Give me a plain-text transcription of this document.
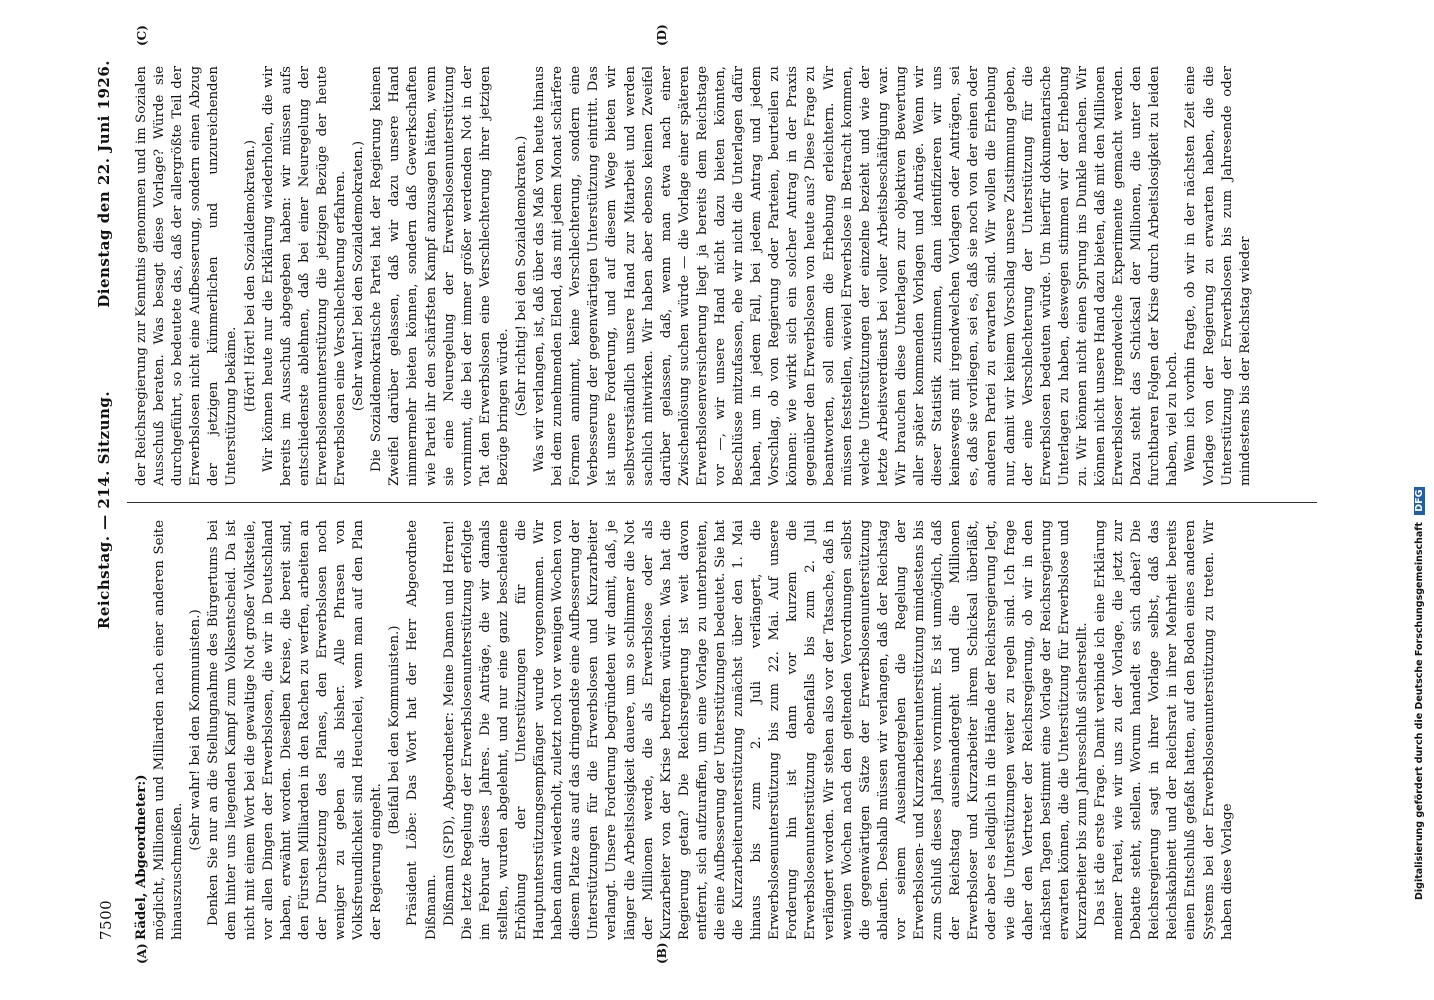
7500
Reichstag. — 214. Sitzung.
Dienstag den 22. Juni 1926.
(A)	(B)
(C)	(D)

Rädel, Abgeordneter:) möglicht, Millionen und Milliarden nach einer anderen Seite hinauszuschmeißen.

(Sehr wahr! bei den Kommunisten.) Denken Sie nur an die Stellungnahme des Bürgertums bei dem hinter uns liegenden Kampf zum Volksentscheid. Da ist nicht mit einem Wort bei die gewaltige Not großer Volksteile, vor allen Dingen der Erwerbslosen, die wir in Deutschland haben, erwähnt worden. Dieselben Kreise, die bereit sind, den Fürsten Milliarden in den Rachen zu werfen, arbeiten an der Durchsetzung des Planes, den Erwerbslosen noch weniger zu geben als bisher. Alle Phrasen von Volksfreundlichkeit sind Heuchelei, wenn man auf den Plan der Regierung eingeht.

(Beifall bei den Kommunisten.) Präsident Löbe: Das Wort hat der Herr Abgeordnete Dißmann. Dißmann (SPD), Abgeordneter: Meine Damen und Herren! Die letzte Regelung der Erwerbslosenunterstützung erfolgte im Februar dieses Jahres. Die Anträge, die wir damals stellten, wurden abgelehnt, und nur eine ganz bescheidene Erhöhung der Unterstützungen für die Hauptunterstützungsempfänger wurde vorgenommen. Wir haben dann wiederholt, zuletzt noch vor wenigen Wochen von diesem Platze aus auf das dringendste eine Aufbesserung der Unterstützungen für die Erwerbslosen und Kurzarbeiter verlangt. Unsere Forderung begründeten wir damit, daß, je länger die Arbeitslosigkeit dauere, um so schlimmer die Not der Millionen werde, die als Erwerbslose oder als Kurzarbeiter von der Krise betroffen würden. Was hat die Regierung getan? Die Reichsregierung ist weit davon entfernt, sich aufzuraffen, um eine Vorlage zu unterbreiten, die eine Aufbesserung der Unterstützungen bedeutet. Sie hat die Kurzarbeiterunterstützung zunächst über den 1. Mai hinaus bis zum 2. Juli verlängert, die Erwerbslosenunterstützung bis zum 22. Mai. Auf unsere Forderung hin ist dann vor kurzem die Erwerbslosenunterstützung ebenfalls bis zum 2. Juli verlängert worden. Wir stehen also vor der Tatsache, daß in wenigen Wochen nach den geltenden Verordnungen selbst die gegenwärtigen Sätze der Erwerbslosenunterstützung ablaufen. Deshalb müssen wir verlangen, daß der Reichstag vor seinem Auseinandergehen die Regelung der Erwerbslosen- und Kurzarbeiterunterstützung mindestens bis zum Schluß dieses Jahres vornimmt. Es ist unmöglich, daß der Reichstag auseinandergeht und die Millionen Erwerbsloser und Kurzarbeiter ihrem Schicksal überläßt, oder aber es lediglich in die Hände der Reichsregierung legt, wie die Unterstützungen weiter zu regeln sind. Ich frage daher den Vertreter der Reichsregierung, ob wir in den nächsten Tagen bestimmt eine Vorlage der Reichsregierung erwarten können, die die Unterstützung für Erwerbslose und Kurzarbeiter bis zum Jahresschluß sicherstellt. Das ist die erste Frage. Damit verbinde ich eine Erklärung meiner Partei, wie wir uns zu der Vorlage, die jetzt zur Debatte steht, stellen. Worum handelt es sich dabei? Die Reichsregierung sagt in ihrer Vorlage selbst, daß das Reichskabinett und der Reichsrat in ihrer Mehrheit bereits einen Entschluß gefaßt hatten, auf den Boden eines anderen Systems bei der Erwerbslosenunterstützung zu treten. Wir haben diese Vorlage

der Reichsregierung zur Kenntnis genommen und im Sozialen Ausschuß beraten. Was besagt diese Vorlage? Würde sie durchgeführt, so bedeutete das, daß der allergrößte Teil der Erwerbslosen nicht eine Aufbesserung, sondern einen Abzug der jetzigen kümmerlichen und unzureichenden Unterstützung bekäme. (Hört! Hört! bei den Sozialdemokraten.) Wir können heute nur die Erklärung wiederholen, die wir bereits im Ausschuß abgegeben haben: wir müssen aufs entschiedenste ablehnen, daß bei einer Neuregelung der Erwerbslosenunterstützung die jetzigen Bezüge der heute Erwerbslosen eine Verschlechterung erfahren. (Sehr wahr! bei den Sozialdemokraten.) Die Sozialdemokratische Partei hat der Regierung keinen Zweifel darüber gelassen, daß wir dazu unsere Hand nimmermehr bieten können, sondern daß Gewerkschaften wie Partei ihr den schärfsten Kampf anzusagen hätten, wenn sie eine Neuregelung der Erwerbslosenunterstützung vornimmt, die bei der immer größer werdenden Not in der Tat den Erwerbslosen eine Verschlechterung ihrer jetzigen Bezüge bringen würde. (Sehr richtig! bei den Sozialdemokraten.) Was wir verlangen, ist, daß über das Maß von heute hinaus bei dem zunehmenden Elend, das mit jedem Monat schärfere Formen annimmt, keine Verschlechterung, sondern eine Verbesserung der gegenwärtigen Unterstützung eintritt. Das ist unsere Forderung, und auf diesem Wege bieten wir selbstverständlich unsere Hand zur Mitarbeit und werden sachlich mitwirken. Wir haben aber ebenso keinen Zweifel darüber gelassen, daß, wenn man etwa nach einer Zwischenlösung suchen würde — die Vorlage einer späteren Erwerbslosenversicherung liegt ja bereits dem Reichstage vor —, wir unsere Hand nicht dazu bieten könnten, Beschlüsse mitzufassen, ehe wir nicht die Unterlagen dafür haben, um in jedem Fall, bei jedem Antrag und jedem Vorschlag, ob von Regierung oder Parteien, beurteilen zu können: wie wirkt sich ein solcher Antrag in der Praxis gegenüber den Erwerbslosen von heute aus? Diese Frage zu beantworten, soll einem die Erhebung erleichtern. Wir müssen feststellen, wieviel Erwerbslose in Betracht kommen, welche Unterstützungen der einzelne bezieht und wie der letzte Arbeitsverdienst bei voller Arbeitsbeschäftigung war. Wir brauchen diese Unterlagen zur objektiven Bewertung aller später kommenden Vorlagen und Anträge. Wenn wir dieser Statistik zustimmen, dann identifizieren wir uns keineswegs mit irgendwelchen Vorlagen oder Anträgen, sei es, daß sie vorliegen, sei es, daß sie noch von der einen oder anderen Partei zu erwarten sind. Wir wollen die Erhebung nur, damit wir keinem Vorschlag unsere Zustimmung geben, der eine Verschlechterung der Unterstützung für die Erwerbslosen bedeuten würde. Um hierfür dokumentarische Unterlagen zu haben, deswegen stimmen wir der Erhebung zu. Wir können nicht einen Sprung ins Dunkle machen. Wir können nicht unsere Hand dazu bieten, daß mit den Millionen Erwerbsloser irgendwelche Experimente gemacht werden. Dazu steht das Schicksal der Millionen, die unter den furchtbaren Folgen der Krise durch Arbeitslosigkeit zu leiden haben, viel zu hoch. Wenn ich vorhin fragte, ob wir in der nächsten Zeit eine Vorlage von der Regierung zu erwarten haben, die die Unterstützung der Erwerbslosen bis zum Jahresende oder mindestens bis der Reichstag wieder

Digitalisierung gefördert durch die Deutsche Forschungsgemeinschaft DFG
